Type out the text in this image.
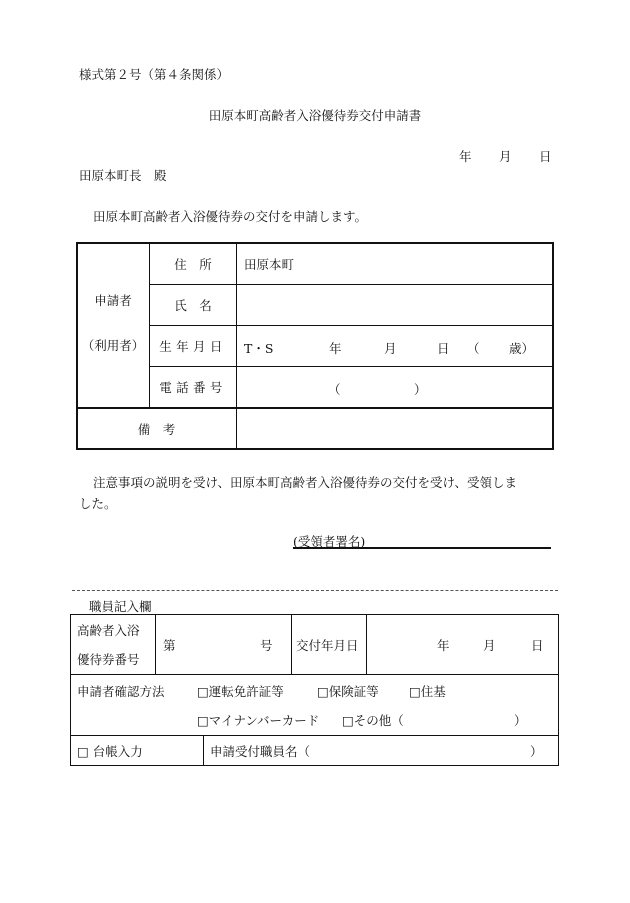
様式第２号（第４条関係）
田原本町高齢者入浴優待券交付申請書
年 月 日
田原本町長　殿
田原本町高齢者入浴優待券の交付を申請します。
申請者
（利用者）
住　所	田原本町
氏　名
生年月日	T・S	年	月	日 （ 歳）
電話番号	（	）
備　考
注意事項の説明を受け、田原本町高齢者入浴優待券の交付を受け、受領しま
した。
(受領者署名)
職員記入欄
高齢者入浴
優待券番号
第	号 交付年月日	年	月	日
申請者確認方法	□運転免許証等	□保険証等 □住基
□マイナンバーカード □その他（	）
□ 台帳入力	申請受付職員名（	）
